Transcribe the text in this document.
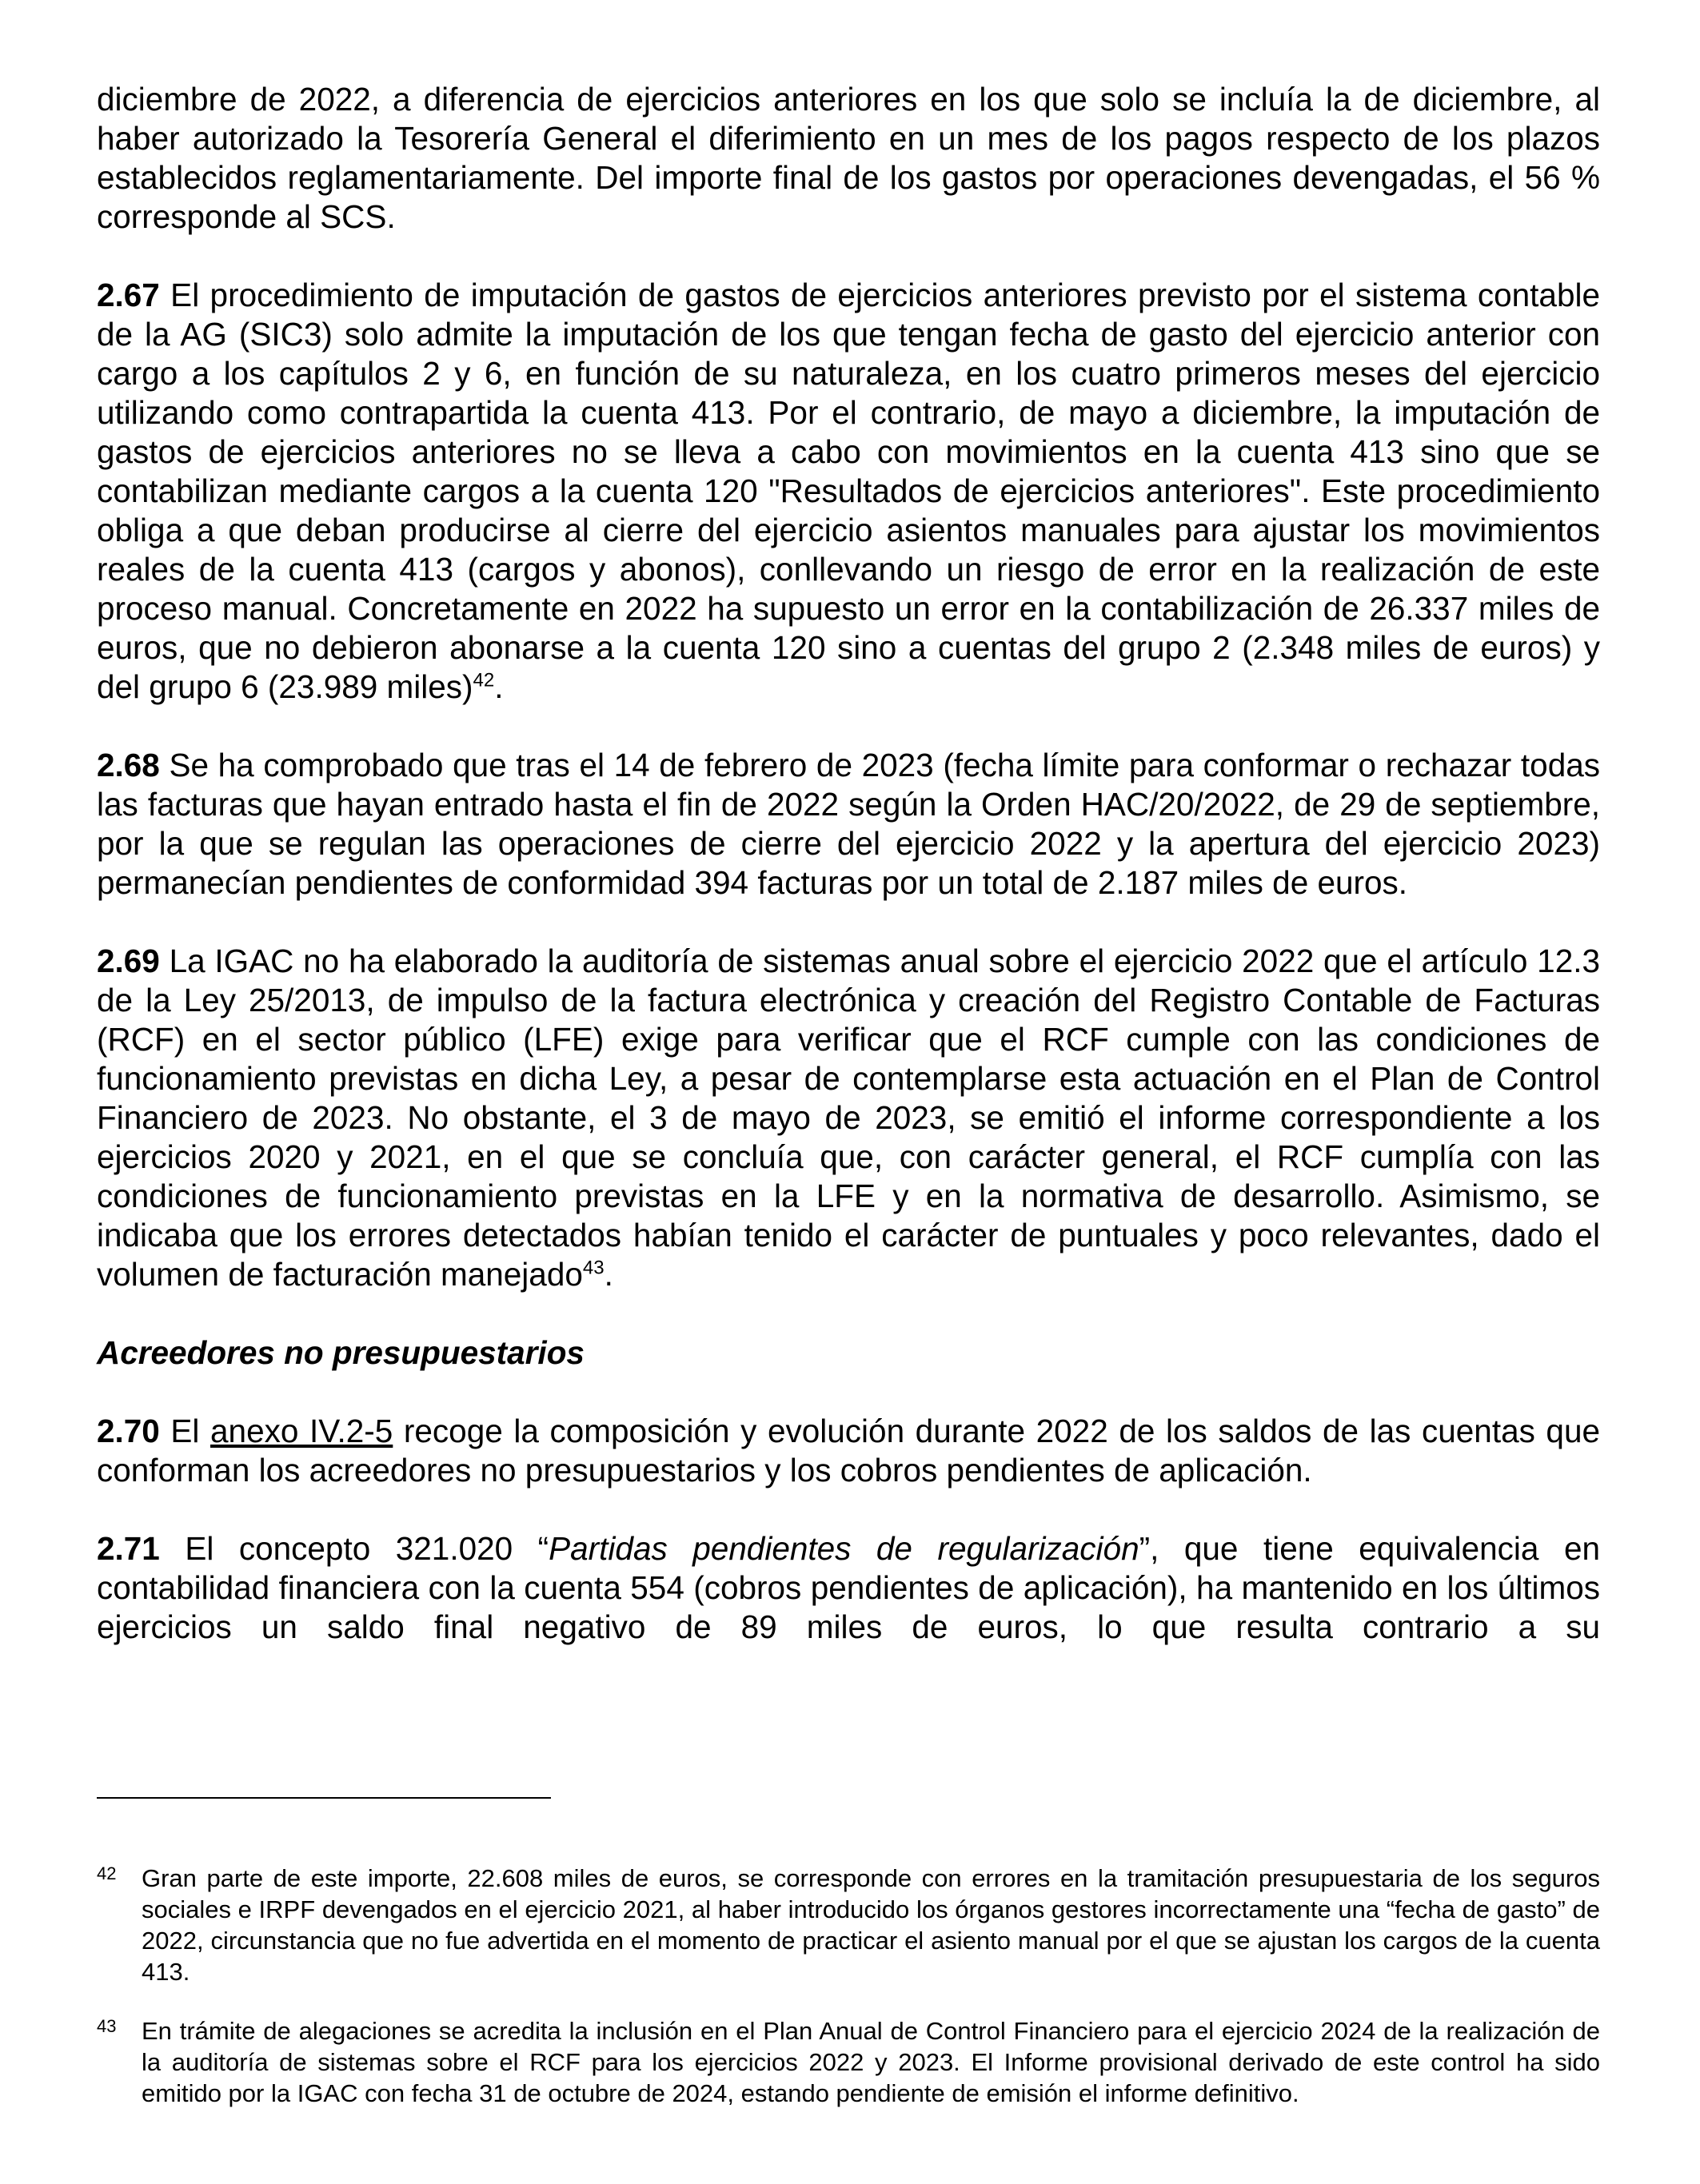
diciembre de 2022, a diferencia de ejercicios anteriores en los que solo se incluía la de diciembre, al haber autorizado la Tesorería General el diferimiento en un mes de los pagos respecto de los plazos establecidos reglamentariamente. Del importe final de los gastos por operaciones devengadas, el 56 % corresponde al SCS.

2.67 El procedimiento de imputación de gastos de ejercicios anteriores previsto por el sistema contable de la AG (SIC3) solo admite la imputación de los que tengan fecha de gasto del ejercicio anterior con cargo a los capítulos 2 y 6, en función de su naturaleza, en los cuatro primeros meses del ejercicio utilizando como contrapartida la cuenta 413. Por el contrario, de mayo a diciembre, la imputación de gastos de ejercicios anteriores no se lleva a cabo con movimientos en la cuenta 413 sino que se contabilizan mediante cargos a la cuenta 120 "Resultados de ejercicios anteriores". Este procedimiento obliga a que deban producirse al cierre del ejercicio asientos manuales para ajustar los movimientos reales de la cuenta 413 (cargos y abonos), conllevando un riesgo de error en la realización de este proceso manual. Concretamente en 2022 ha supuesto un error en la contabilización de 26.337 miles de euros, que no debieron abonarse a la cuenta 120 sino a cuentas del grupo 2 (2.348 miles de euros) y del grupo 6 (23.989 miles)$^{42}$.

2.68 Se ha comprobado que tras el 14 de febrero de 2023 (fecha límite para conformar o rechazar todas las facturas que hayan entrado hasta el fin de 2022 según la Orden HAC/20/2022, de 29 de septiembre, por la que se regulan las operaciones de cierre del ejercicio 2022 y la apertura del ejercicio 2023) permanecían pendientes de conformidad 394 facturas por un total de 2.187 miles de euros.

2.69 La IGAC no ha elaborado la auditoría de sistemas anual sobre el ejercicio 2022 que el artículo 12.3 de la Ley 25/2013, de impulso de la factura electrónica y creación del Registro Contable de Facturas (RCF) en el sector público (LFE) exige para verificar que el RCF cumple con las condiciones de funcionamiento previstas en dicha Ley, a pesar de contemplarse esta actuación en el Plan de Control Financiero de 2023. No obstante, el 3 de mayo de 2023, se emitió el informe correspondiente a los ejercicios 2020 y 2021, en el que se concluía que, con carácter general, el RCF cumplía con las condiciones de funcionamiento previstas en la LFE y en la normativa de desarrollo. Asimismo, se indicaba que los errores detectados habían tenido el carácter de puntuales y poco relevantes, dado el volumen de facturación manejado$^{43}$.

Acreedores no presupuestarios

2.70 El anexo IV.2-5 recoge la composición y evolución durante 2022 de los saldos de las cuentas que conforman los acreedores no presupuestarios y los cobros pendientes de aplicación.

2.71 El concepto 321.020 “Partidas pendientes de regularización”, que tiene equivalencia en contabilidad financiera con la cuenta 554 (cobros pendientes de aplicación), ha mantenido en los últimos ejercicios un saldo final negativo de 89 miles de euros, lo que resulta contrario a su

42 Gran parte de este importe, 22.608 miles de euros, se corresponde con errores en la tramitación presupuestaria de los seguros sociales e IRPF devengados en el ejercicio 2021, al haber introducido los órganos gestores incorrectamente una “fecha de gasto” de 2022, circunstancia que no fue advertida en el momento de practicar el asiento manual por el que se ajustan los cargos de la cuenta 413.
43 En trámite de alegaciones se acredita la inclusión en el Plan Anual de Control Financiero para el ejercicio 2024 de la realización de la auditoría de sistemas sobre el RCF para los ejercicios 2022 y 2023. El Informe provisional derivado de este control ha sido emitido por la IGAC con fecha 31 de octubre de 2024, estando pendiente de emisión el informe definitivo.
